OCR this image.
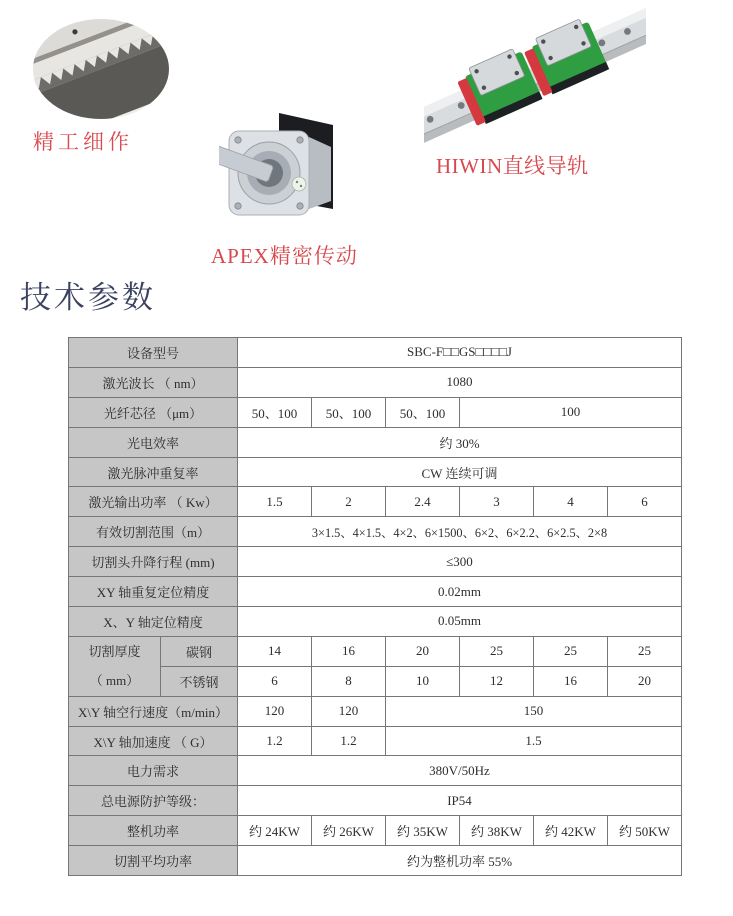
精工细作
APEX精密传动
HIWIN直线导轨
技术参数
设备型号		SBC-F□□GS□□□□J					
激光波长 （ nm）		1080					
光纤芯径 （μm）		50、100	50、100	50、100	100		
光电效率		约 30%					
激光脉冲重复率		CW 连续可调					
激光输出功率 （ Kw）		1.5	2	2.4	3	4	6
有效切割范围（m）		3×1.5、4×1.5、4×2、6×1500、6×2、6×2.2、6×2.5、2×8					
切割头升降行程 (mm)		≤300					
XY 轴重复定位精度		0.02mm					
X、Y 轴定位精度		0.05mm					

切割厚度
（ mm）	碳钢	14	16	20	25	25	25
	不锈钢	6	8	10	12	16	20
X\Y 轴空行速度（m/min）		120	120	150			
X\Y 轴加速度 （ G）		1.2	1.2	1.5			
电力需求		380V/50Hz					
总电源防护等级：		IP54					
整机功率		约 24KW	约 26KW	约 35KW	约 38KW	约 42KW	约 50KW
切割平均功率		约为整机功率 55%					
